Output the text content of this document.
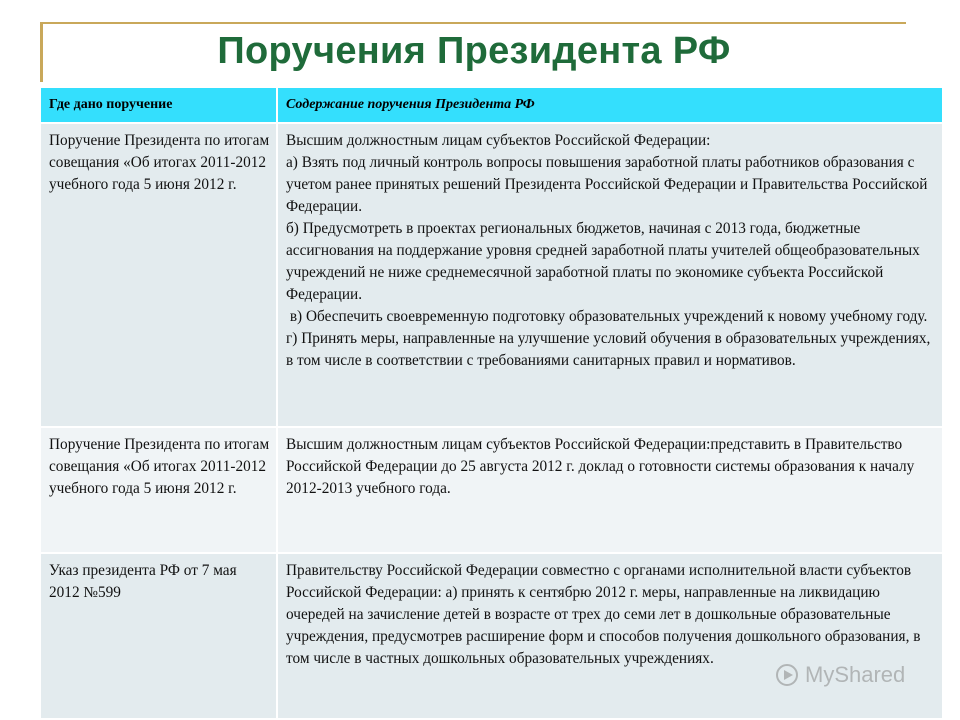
Поручения Президента РФ
Где дано поручение	Содержание поручения Президента РФ
Поручение Президента по итогам совещания «Об итогах 2011-2012 учебного года 5 июня 2012 г.	Высшим должностным лицам субъектов Российской Федерации:

а) Взять под личный контроль вопросы повышения заработной платы работников образования с учетом ранее принятых решений Президента Российской Федерации и Правительства Российской Федерации.

б) Предусмотреть в проектах региональных бюджетов, начиная с 2013 года, бюджетные ассигнования на поддержание уровня средней заработной платы учителей общеобразовательных учреждений не ниже среднемесячной заработной платы по экономике субъекта Российской Федерации.

в) Обеспечить своевременную подготовку образовательных учреждений к новому учебному году.

г) Принять меры, направленные на улучшение условий обучения в образовательных учреждениях, в том числе в соответствии с требованиями санитарных правил и нормативов.

Поручение Президента по итогам совещания «Об итогах 2011-2012 учебного года 5 июня 2012 г.	Высшим должностным лицам субъектов Российской Федерации:представить в Правительство Российской Федерации до 25 августа 2012 г. доклад о готовности системы образования к началу 2012-2013 учебного года.

Указ президента РФ от 7 мая 2012 №599	Правительству Российской Федерации совместно с органами исполнительной власти субъектов Российской Федерации: а) принять к сентябрю 2012 г. меры, направленные на ликвидацию очередей на зачисление детей в возрасте от трех до семи лет в дошкольные образовательные учреждения, предусмотрев расширение форм и способов получения дошкольного образования, в том числе в частных дошкольных образовательных учреждениях.

MyShared
